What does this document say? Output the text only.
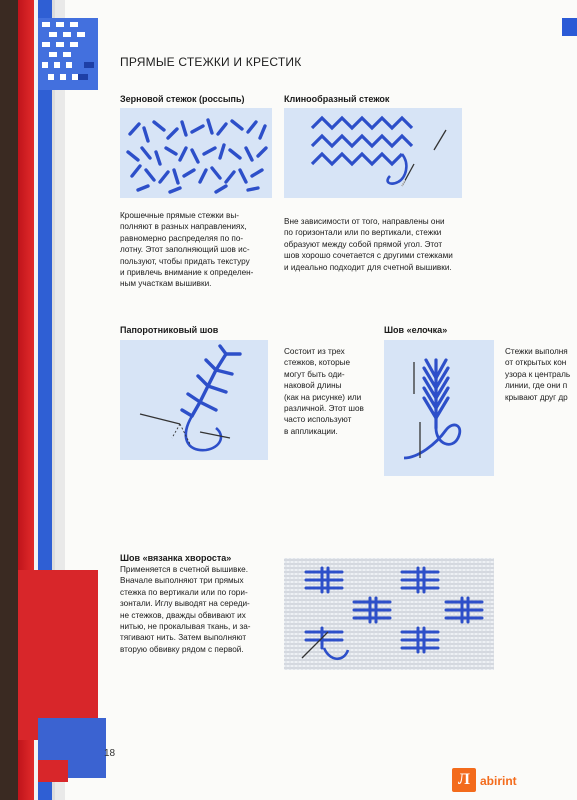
ПРЯМЫЕ СТЕЖКИ И КРЕСТИК

Зерновой стежок (россыпь)

Крошечные прямые стежки вы-
полняют в разных направлениях,
равномерно распределяя по по-
лотну. Этот заполняющий шов ис-
пользуют, чтобы придать текстуру
и привлечь внимание к определен-
ным участкам вышивки.

Клинообразный стежок

Вне зависимости от того, направлены они
по горизонтали или по вертикали, стежки
образуют между собой прямой угол. Этот
шов хорошо сочетается с другими стежками
и идеально подходит для счетной вышивки.

Папоротниковый шов

Состоит из трех
стежков, которые
могут быть оди-
наковой длины
(как на рисунке) или
различной. Этот шов
часто используют
в аппликации.

Шов «елочка»

Стежки выполня
от открытых кон
узора к централь
линии, где они п
крывают друг др

Шов «вязанка хвороста»

Применяется в счетной вышивке.
Вначале выполняют три прямых
стежка по вертикали или по гори-
зонтали. Иглу выводят на середи-
не стежков, дважды обвивают их
нитью, не прокалывая ткань, и за-
тягивают нить. Затем выполняют
вторую обвивку рядом с первой.
18
Л abirint
